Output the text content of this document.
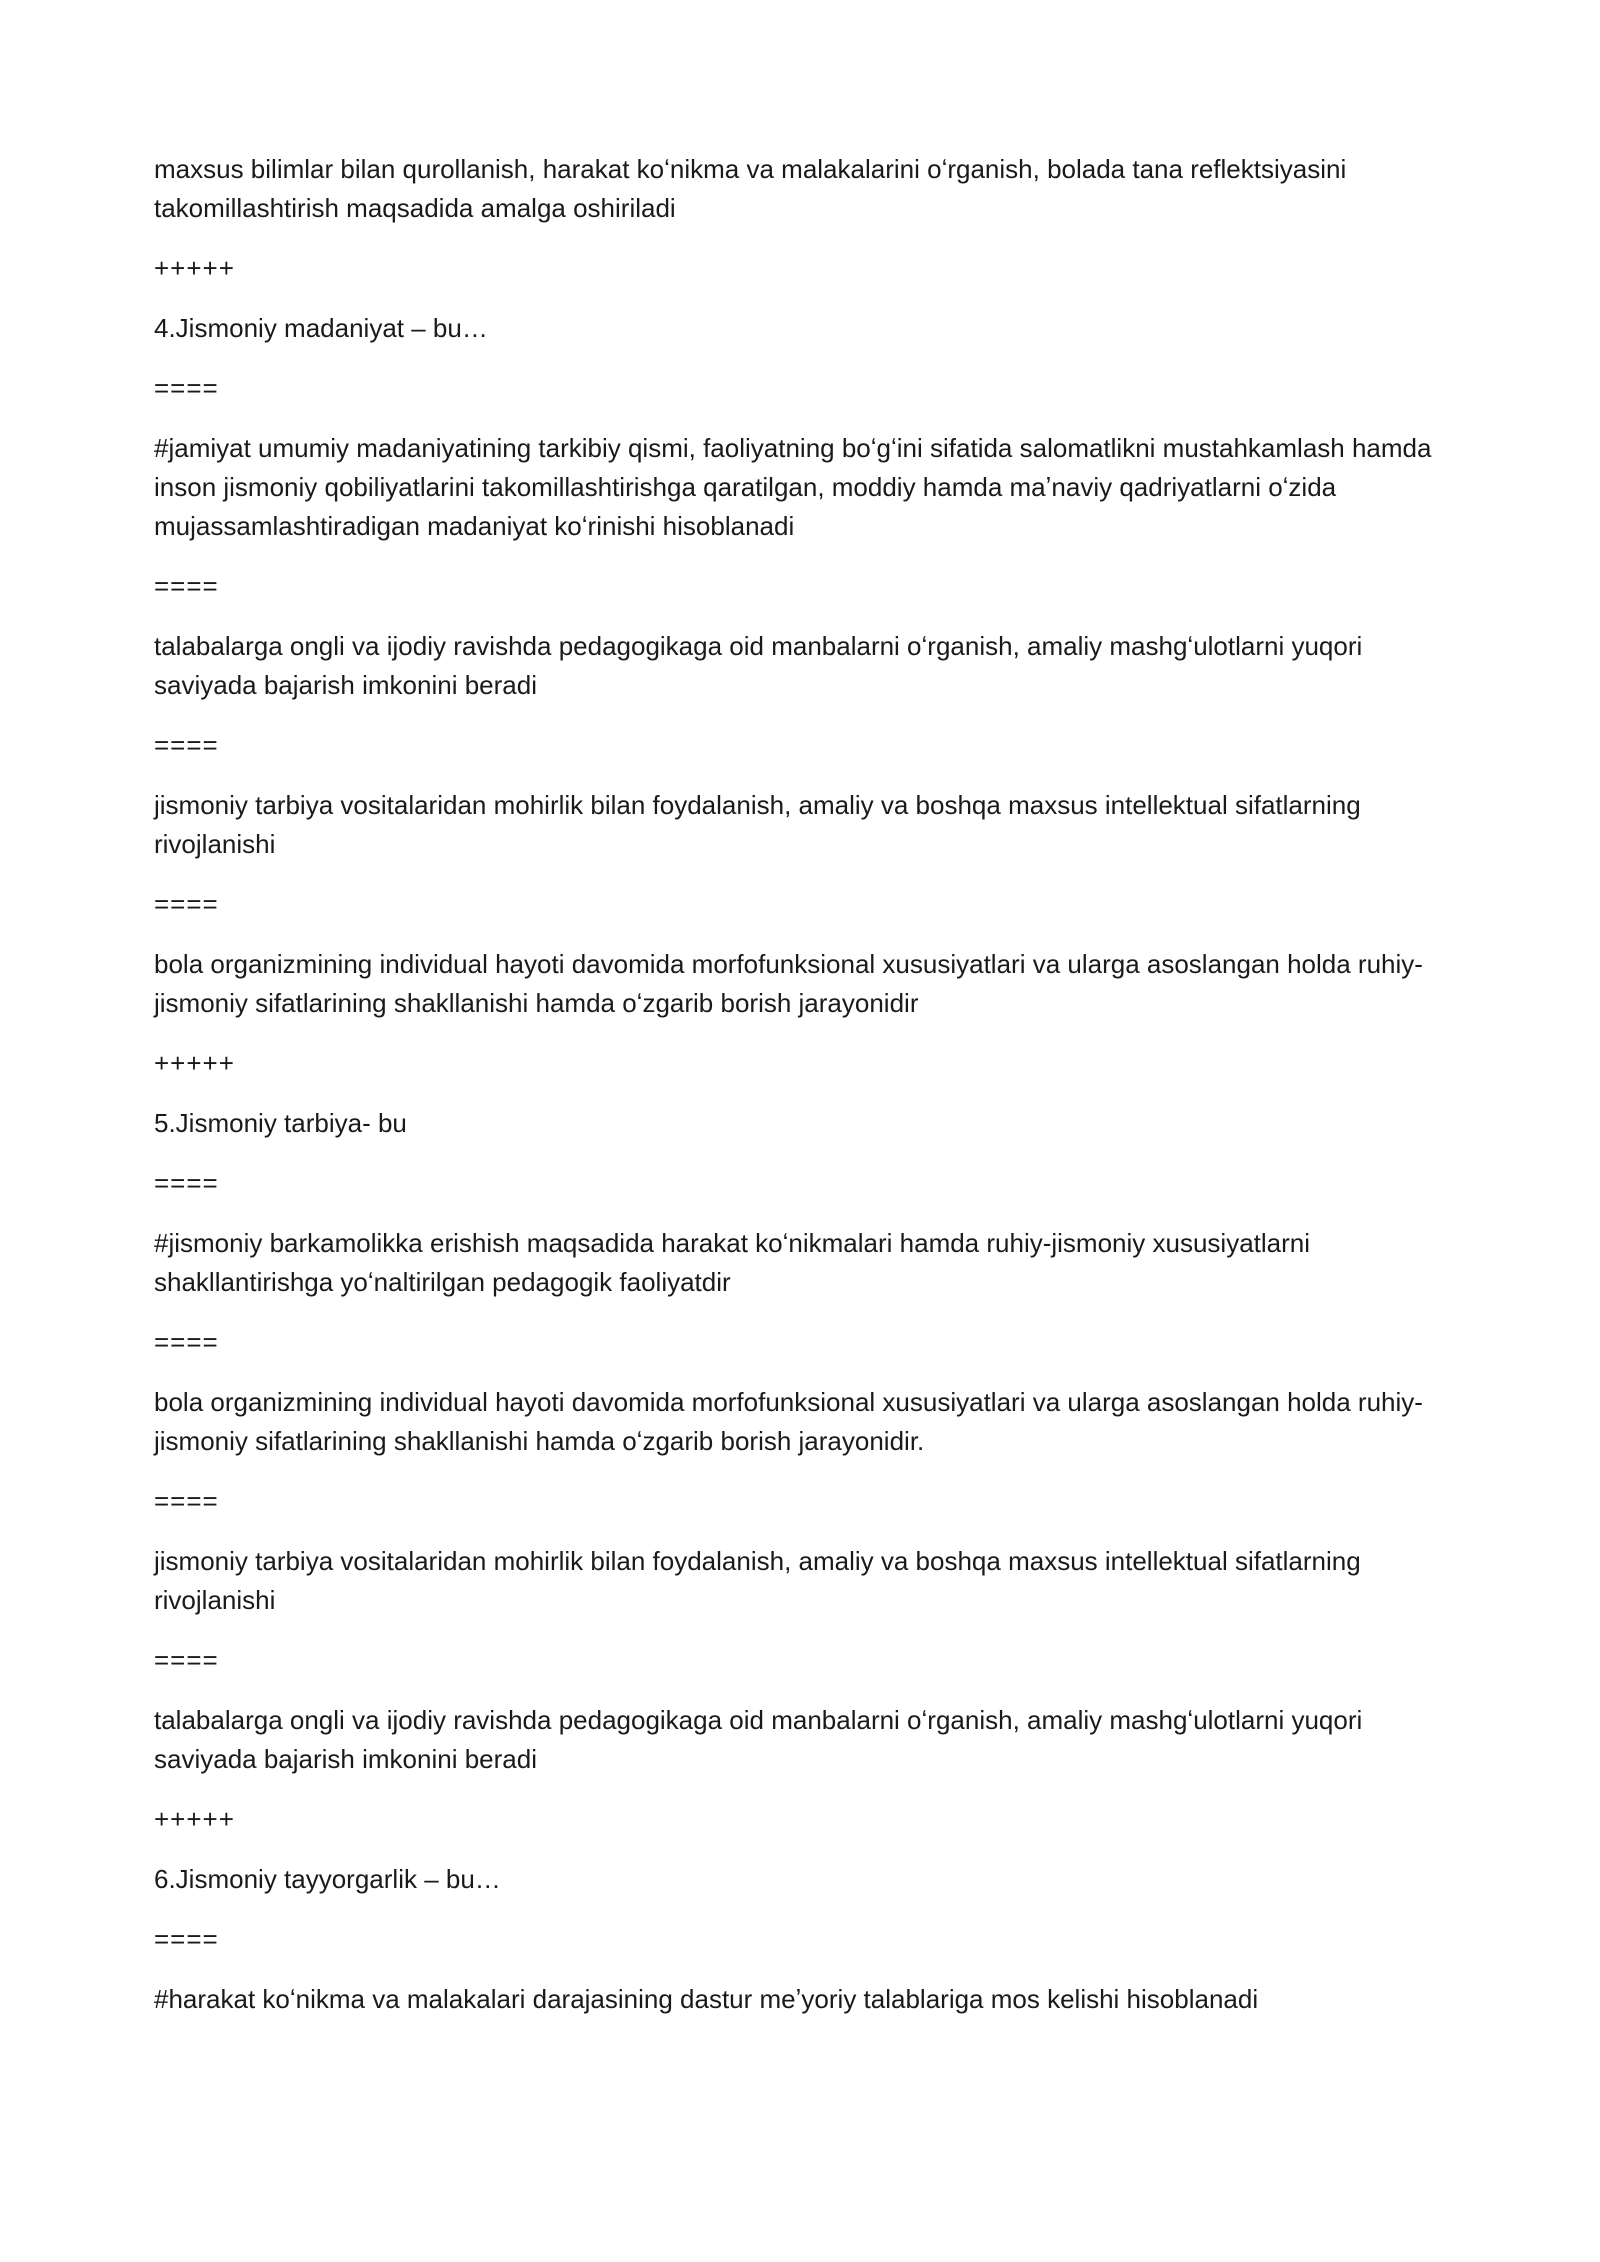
maxsus bilimlar bilan qurollanish, harakat koʻnikma va malakalarini oʻrganish, bolada tana reflektsiyasini takomillashtirish maqsadida amalga oshiriladi

+++++

4.Jismoniy madaniyat – bu…

====

#jamiyat umumiy madaniyatining tarkibiy qismi, faoliyatning boʻgʻini sifatida salomatlikni mustahkamlash hamda inson jismoniy qobiliyatlarini takomillashtirishga qaratilgan, moddiy hamda maʼnaviy qadriyatlarni oʻzida mujassamlashtiradigan madaniyat koʻrinishi hisoblanadi

====

talabalarga ongli va ijodiy ravishda pedagogikaga oid manbalarni oʻrganish, amaliy mashgʻulotlarni yuqori saviyada bajarish imkonini beradi

====

jismoniy tarbiya vositalaridan mohirlik bilan foydalanish, amaliy va boshqa maxsus intellektual sifatlarning rivojlanishi

====

bola organizmining individual hayoti davomida morfofunksional xususiyatlari va ularga asoslangan holda ruhiy-jismoniy sifatlarining shakllanishi hamda oʻzgarib borish jarayonidir

+++++

5.Jismoniy tarbiya- bu

====

#jismoniy barkamolikka erishish maqsadida harakat koʻnikmalari hamda ruhiy-jismoniy xususiyatlarni shakllantirishga yoʻnaltirilgan pedagogik faoliyatdir

====

bola organizmining individual hayoti davomida morfofunksional xususiyatlari va ularga asoslangan holda ruhiy-jismoniy sifatlarining shakllanishi hamda oʻzgarib borish jarayonidir.

====

jismoniy tarbiya vositalaridan mohirlik bilan foydalanish, amaliy va boshqa maxsus intellektual sifatlarning rivojlanishi

====

talabalarga ongli va ijodiy ravishda pedagogikaga oid manbalarni oʻrganish, amaliy mashgʻulotlarni yuqori saviyada bajarish imkonini beradi

+++++

6.Jismoniy tayyorgarlik – bu…

====

#harakat koʻnikma va malakalari darajasining dastur meʼyoriy talablariga mos kelishi hisoblanadi
